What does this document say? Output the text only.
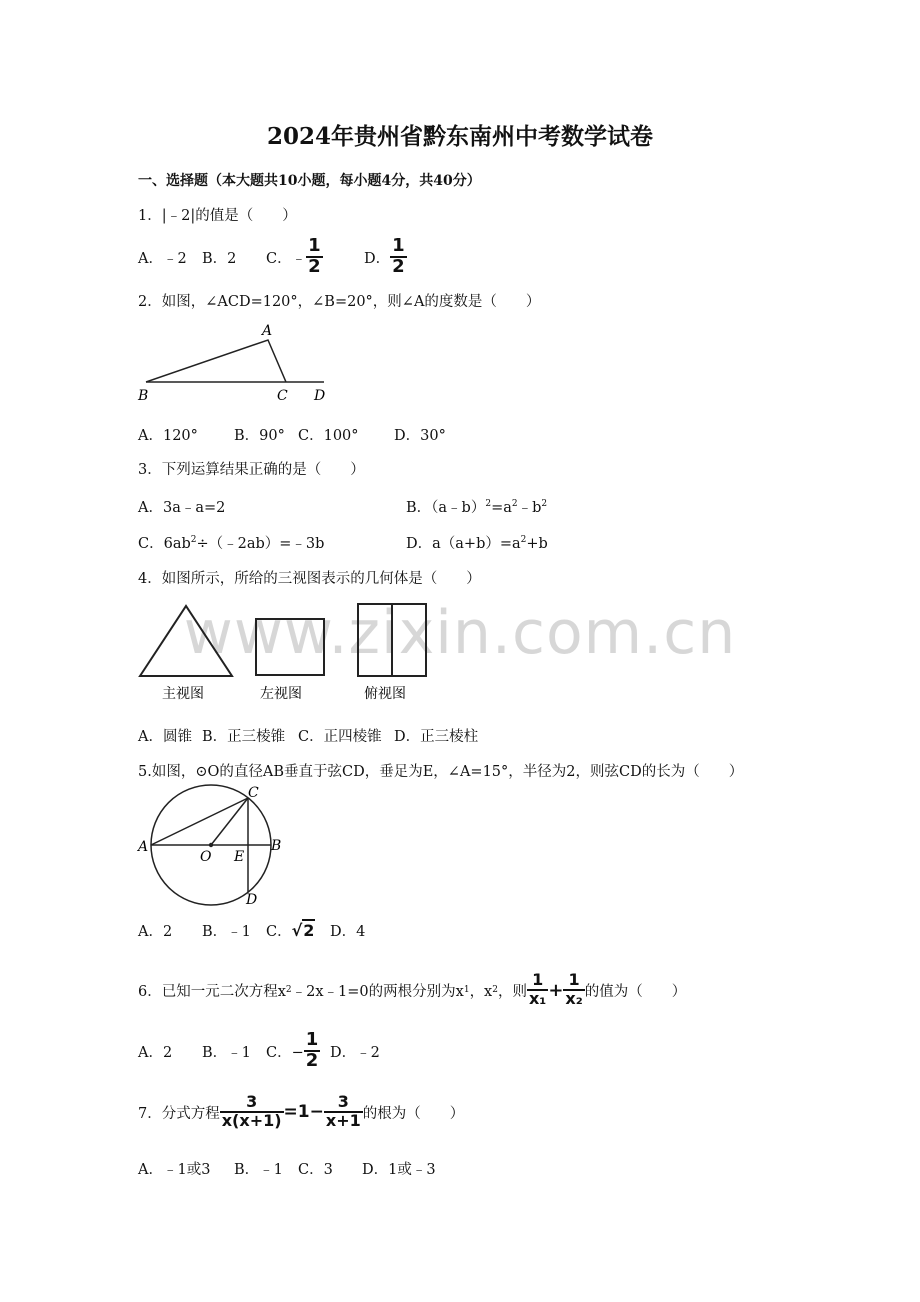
2024年贵州省黔东南州中考数学试卷
一、选择题（本大题共10小题，每小题4分，共40分）
www.zixin.com.cn
1．|﹣2|的值是（　　）
A．﹣2	B．2	C．﹣ $\frac{1}{2}$	D． $\frac{1}{2}$
2．如图，∠ACD=120°，∠B=20°，则∠A的度数是（　　）
A
B	C D
A．120° B．90° C．100° D．30°
3．下列运算结果正确的是（　　）
A．3a﹣a=2	B．$(a﹣b)^2=a^2﹣b^2$
C．$6ab^2\div(﹣2ab)=﹣3b$	D．$a(a+b)=a^2+b$
4．如图所示，所给的三视图表示的几何体是（　　）
主视图	左视图	俯视图
A．圆锥 B．正三棱锥 C．正四棱锥 D．正三棱柱
5.如图，⊙O的直径AB垂直于弦CD，垂足为E，∠A=15°，半径为2，则弦CD的长为（　　）
A	B
C
D
O E
A．2	B．﹣1	C． √2 D．4
6．已知一元二次方程x 2 ﹣2x﹣1=0的两根分别为x 1 ，x 2 ，则 $\frac{1}{\text{x₁}} + \frac{1}{\text{x₂}}$ 的值为（　　）
A．2	B．﹣1	C．− $\frac{1}{2}$ D．﹣2
7．分式方程 $\frac{3}{x(x+1)} =1- \frac{3}{x+1}$ 的根为（　　）
A．﹣1或3 B．﹣1 C．3 D．1或﹣3
